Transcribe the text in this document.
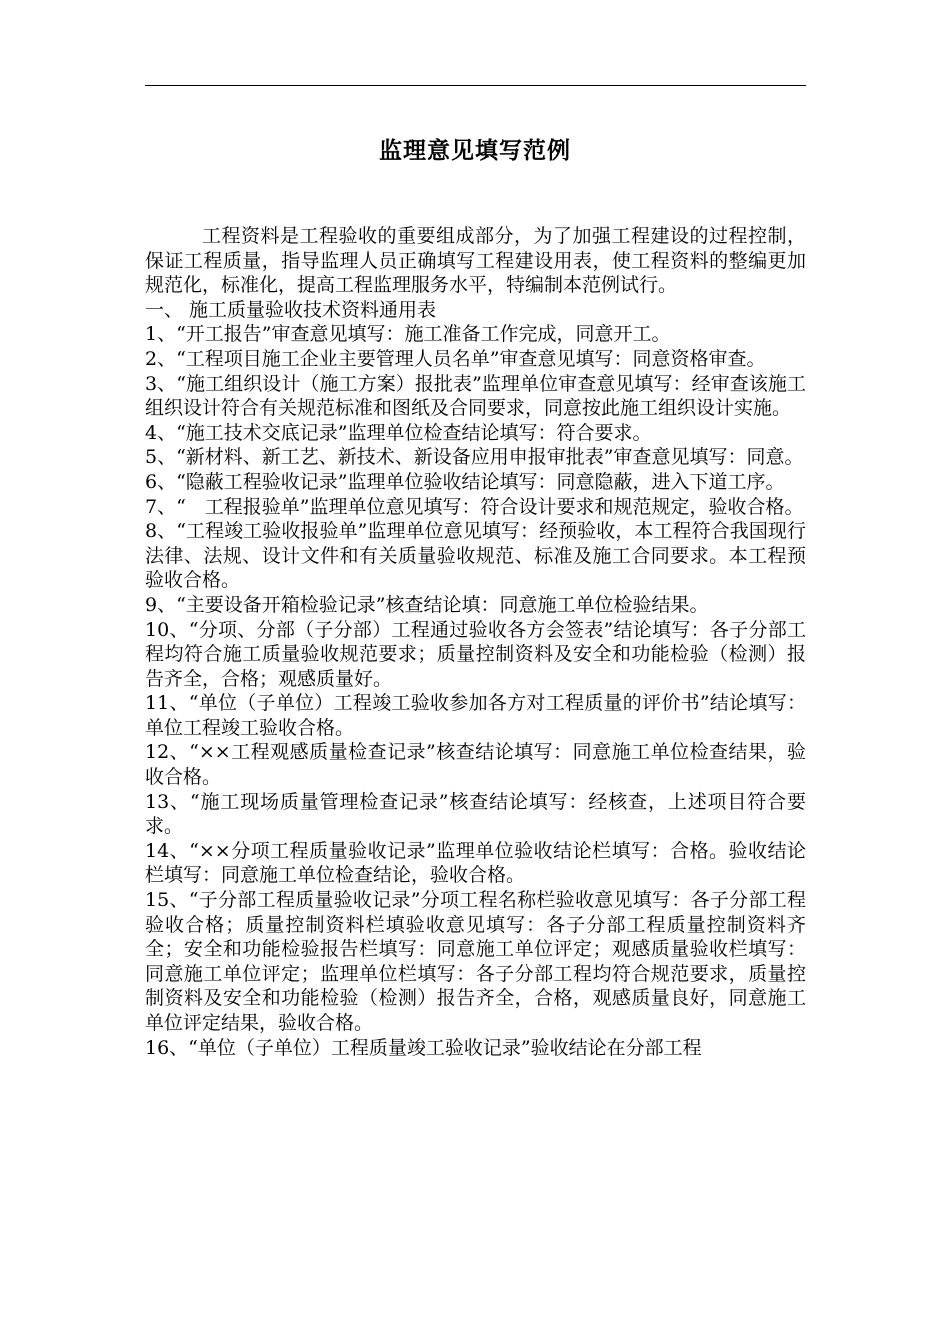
监理意见填写范例

工程资料是工程验收的重要组成部分，为了加强工程建设的过程控制，保证工程质量，指导监理人员正确填写工程建设用表，使工程资料的整编更加规范化，标准化，提高工程监理服务水平，特编制本范例试行。

一、 施工质量验收技术资料通用表

1、“开工报告”审查意见填写：施工准备工作完成，同意开工。

2、“工程项目施工企业主要管理人员名单”审查意见填写：同意资格审查。

3、“施工组织设计（施工方案）报批表”监理单位审查意见填写：经审查该施工组织设计符合有关规范标准和图纸及合同要求，同意按此施工组织设计实施。

4、“施工技术交底记录”监理单位检查结论填写：符合要求。

5、“新材料、新工艺、新技术、新设备应用申报审批表”审查意见填写：同意。

6、“隐蔽工程验收记录”监理单位验收结论填写：同意隐蔽，进入下道工序。

7、“　工程报验单”监理单位意见填写：符合设计要求和规范规定，验收合格。

8、“工程竣工验收报验单”监理单位意见填写：经预验收，本工程符合我国现行法律、法规、设计文件和有关质量验收规范、标准及施工合同要求。本工程预验收合格。

9、“主要设备开箱检验记录”核查结论填：同意施工单位检验结果。

10、“分项、分部（子分部）工程通过验收各方会签表”结论填写：各子分部工程均符合施工质量验收规范要求；质量控制资料及安全和功能检验（检测）报告齐全，合格；观感质量好。

11、“单位（子单位）工程竣工验收参加各方对工程质量的评价书”结论填写：单位工程竣工验收合格。

12、“××工程观感质量检查记录”核查结论填写：同意施工单位检查结果，验收合格。

13、“施工现场质量管理检查记录”核查结论填写：经核查，上述项目符合要求。

14、“××分项工程质量验收记录”监理单位验收结论栏填写：合格。验收结论栏填写：同意施工单位检查结论，验收合格。

15、“子分部工程质量验收记录”分项工程名称栏验收意见填写：各子分部工程验收合格；质量控制资料栏填验收意见填写：各子分部工程质量控制资料齐全；安全和功能检验报告栏填写：同意施工单位评定；观感质量验收栏填写：同意施工单位评定；监理单位栏填写：各子分部工程均符合规范要求，质量控制资料及安全和功能检验（检测）报告齐全，合格，观感质量良好，同意施工单位评定结果，验收合格。

16、“单位（子单位）工程质量竣工验收记录”验收结论在分部工程
